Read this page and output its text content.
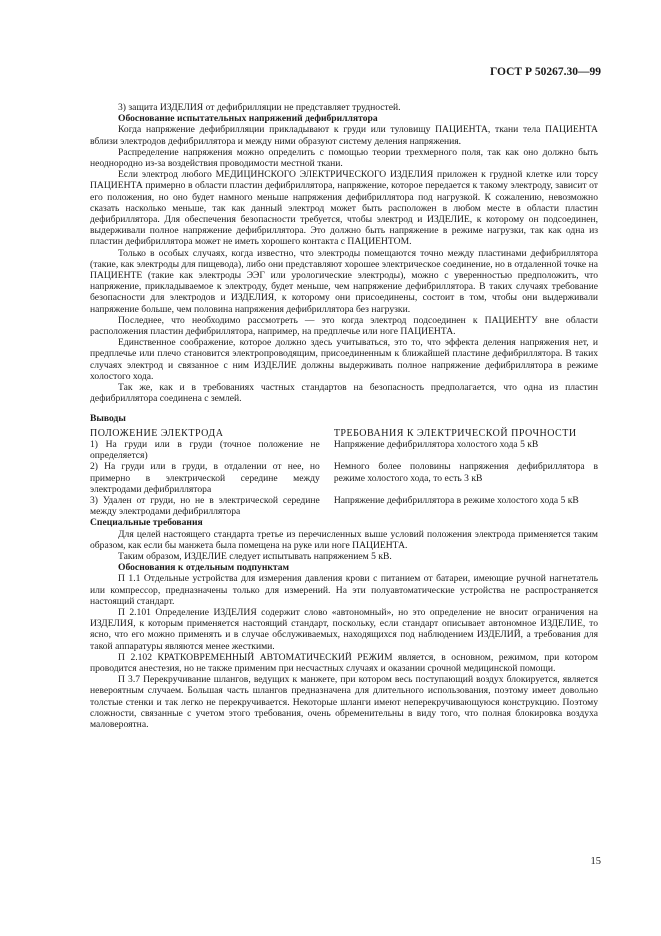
ГОСТ Р 50267.30—99

3) защита ИЗДЕЛИЯ от дефибрилляции не представляет трудностей.

Обоснование испытательных напряжений дефибриллятора

Когда напряжение дефибрилляции прикладывают к груди или туловищу ПАЦИЕНТА, ткани тела ПАЦИЕНТА вблизи электродов дефибриллятора и между ними образуют систему деления напряжения.

Распределение напряжения можно определить с помощью теории трехмерного поля, так как оно должно быть неоднородно из-за воздействия проводимости местной ткани.

Если электрод любого МЕДИЦИНСКОГО ЭЛЕКТРИЧЕСКОГО ИЗДЕЛИЯ приложен к грудной клетке или торсу ПАЦИЕНТА примерно в области пластин дефибриллятора, напряжение, которое передается к такому электроду, зависит от его положения, но оно будет намного меньше напряжения дефибриллятора под нагрузкой. К сожалению, невозможно сказать насколько меньше, так как данный электрод может быть расположен в любом месте в области пластин дефибриллятора. Для обеспечения безопасности требуется, чтобы электрод и ИЗДЕЛИЕ, к которому он подсоединен, выдерживали полное напряжение дефибриллятора. Это должно быть напряжение в режиме нагрузки, так как одна из пластин дефибриллятора может не иметь хорошего контакта с ПАЦИЕНТОМ.

Только в особых случаях, когда известно, что электроды помещаются точно между пластинами дефибриллятора (такие, как электроды для пищевода), либо они представляют хорошее электрическое соединение, но в отдаленной точке на ПАЦИЕНТЕ (такие как электроды ЭЭГ или урологические электроды), можно с уверенностью предположить, что напряжение, прикладываемое к электроду, будет меньше, чем напряжение дефибриллятора. В таких случаях требование безопасности для электродов и ИЗДЕЛИЯ, к которому они присоединены, состоит в том, чтобы они выдерживали напряжение больше, чем половина напряжения дефибриллятора без нагрузки.

Последнее, что необходимо рассмотреть — это когда электрод подсоединен к ПАЦИЕНТУ вне области расположения пластин дефибриллятора, например, на предплечье или ноге ПАЦИЕНТА.

Единственное соображение, которое должно здесь учитываться, это то, что эффекта деления напряжения нет, и предплечье или плечо становится электропроводящим, присоединенным к ближайшей пластине дефибриллятора. В таких случаях электрод и связанное с ним ИЗДЕЛИЕ должны выдерживать полное напряжение дефибриллятора в режиме холостого хода.

Так же, как и в требованиях частных стандартов на безопасность предполагается, что одна из пластин дефибриллятора соединена с землей.

Выводы

ПОЛОЖЕНИЕ ЭЛЕКТРОДА	ТРЕБОВАНИЯ К ЭЛЕКТРИЧЕСКОЙ ПРОЧНОСТИ
1) На груди или в груди (точное положение не определяется)	Напряжение дефибриллятора холостого хода 5 кВ
2) На груди или в груди, в отдалении от нее, но примерно в электрической середине между электродами дефибриллятора	Немного более половины напряжения дефибриллятора в режиме холостого хода, то есть 3 кВ
3) Удален от груди, но не в электрической середине между электродами дефибриллятора	Напряжение дефибриллятора в режиме холостого хода 5 кВ

Специальные требования

Для целей настоящего стандарта третье из перечисленных выше условий положения электрода применяется таким образом, как если бы манжета была помещена на руке или ноге ПАЦИЕНТА.

Таким образом, ИЗДЕЛИЕ следует испытывать напряжением 5 кВ.

Обоснования к отдельным подпунктам

П 1.1 Отдельные устройства для измерения давления крови с питанием от батареи, имеющие ручной нагнетатель или компрессор, предназначены только для измерений. На эти полуавтоматические устройства не распространяется настоящий стандарт.

П 2.101 Определение ИЗДЕЛИЯ содержит слово «автономный», но это определение не вносит ограничения на ИЗДЕЛИЯ, к которым применяется настоящий стандарт, поскольку, если стандарт описывает автономное ИЗДЕЛИЕ, то ясно, что его можно применять и в случае обслуживаемых, находящихся под наблюдением ИЗДЕЛИЙ, а требования для такой аппаратуры являются менее жесткими.

П 2.102 КРАТКОВРЕМЕННЫЙ АВТОМАТИЧЕСКИЙ РЕЖИМ является, в основном, режимом, при котором проводится анестезия, но не также применим при несчастных случаях и оказании срочной медицинской помощи.

П 3.7 Перекручивание шлангов, ведущих к манжете, при котором весь поступающий воздух блокируется, является невероятным случаем. Большая часть шлангов предназначена для длительного использования, поэтому имеет довольно толстые стенки и так легко не перекручивается. Некоторые шланги имеют неперекручивающуюся конструкцию. Поэтому сложности, связанные с учетом этого требования, очень обременительны в виду того, что полная блокировка воздуха маловероятна.

15
